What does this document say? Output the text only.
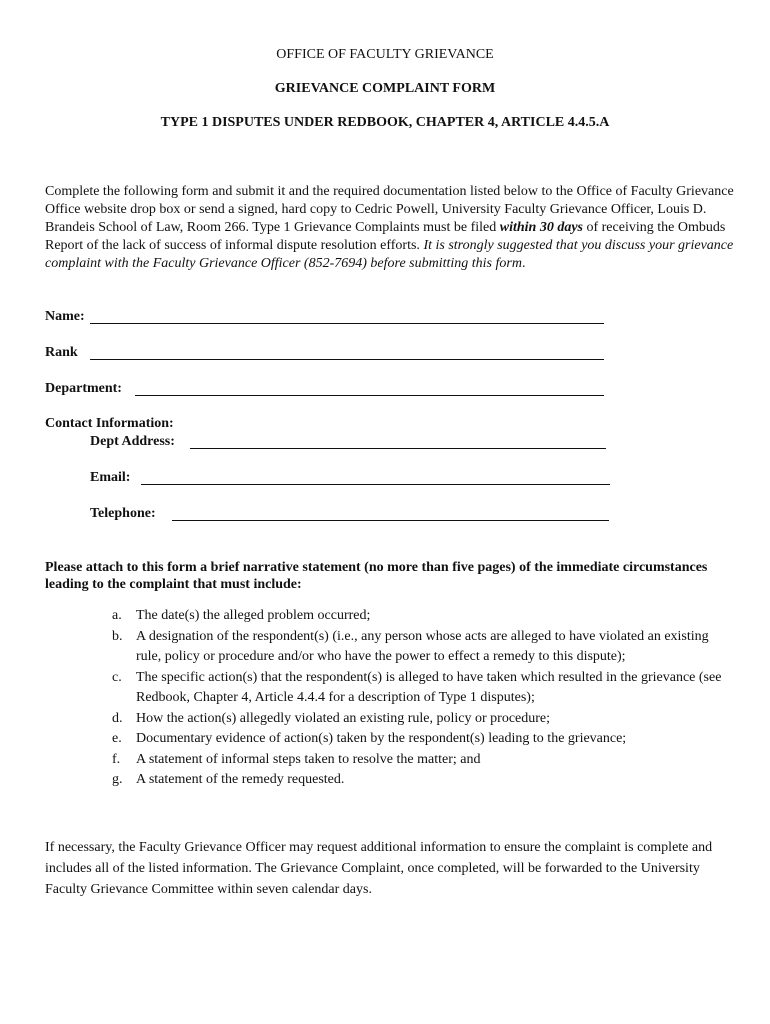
OFFICE OF FACULTY GRIEVANCE
GRIEVANCE COMPLAINT FORM
TYPE 1 DISPUTES UNDER REDBOOK, CHAPTER 4, ARTICLE 4.4.5.A

Complete the following form and submit it and the required documentation listed below to the Office of Faculty Grievance Office website drop box or send a signed, hard copy to Cedric Powell, University Faculty Grievance Officer, Louis D. Brandeis School of Law, Room 266. Type 1 Grievance Complaints must be filed within 30 days of receiving the Ombuds Report of the lack of success of informal dispute resolution efforts. It is strongly suggested that you discuss your grievance complaint with the Faculty Grievance Officer (852-7694) before submitting this form.

Name:
Rank
Department:
Contact Information:
Dept Address:
Email:
Telephone:

Please attach to this form a brief narrative statement (no more than five pages) of the immediate circumstances leading to the complaint that must include:

a.	The date(s) the alleged problem occurred;
b. A designation of the respondent(s) (i.e., any person whose acts are alleged to have violated an existing rule, policy or procedure and/or who have the power to effect a remedy to this dispute);
c.	The specific action(s) that the respondent(s) is alleged to have taken which resulted in the grievance (see Redbook, Chapter 4, Article 4.4.4 for a description of Type 1 disputes);
d. How the action(s) allegedly violated an existing rule, policy or procedure;
e.	Documentary evidence of action(s) taken by the respondent(s) leading to the grievance;
f.	A statement of informal steps taken to resolve the matter; and
g. A statement of the remedy requested.

If necessary, the Faculty Grievance Officer may request additional information to ensure the complaint is complete and includes all of the listed information. The Grievance Complaint, once completed, will be forwarded to the University Faculty Grievance Committee within seven calendar days.
